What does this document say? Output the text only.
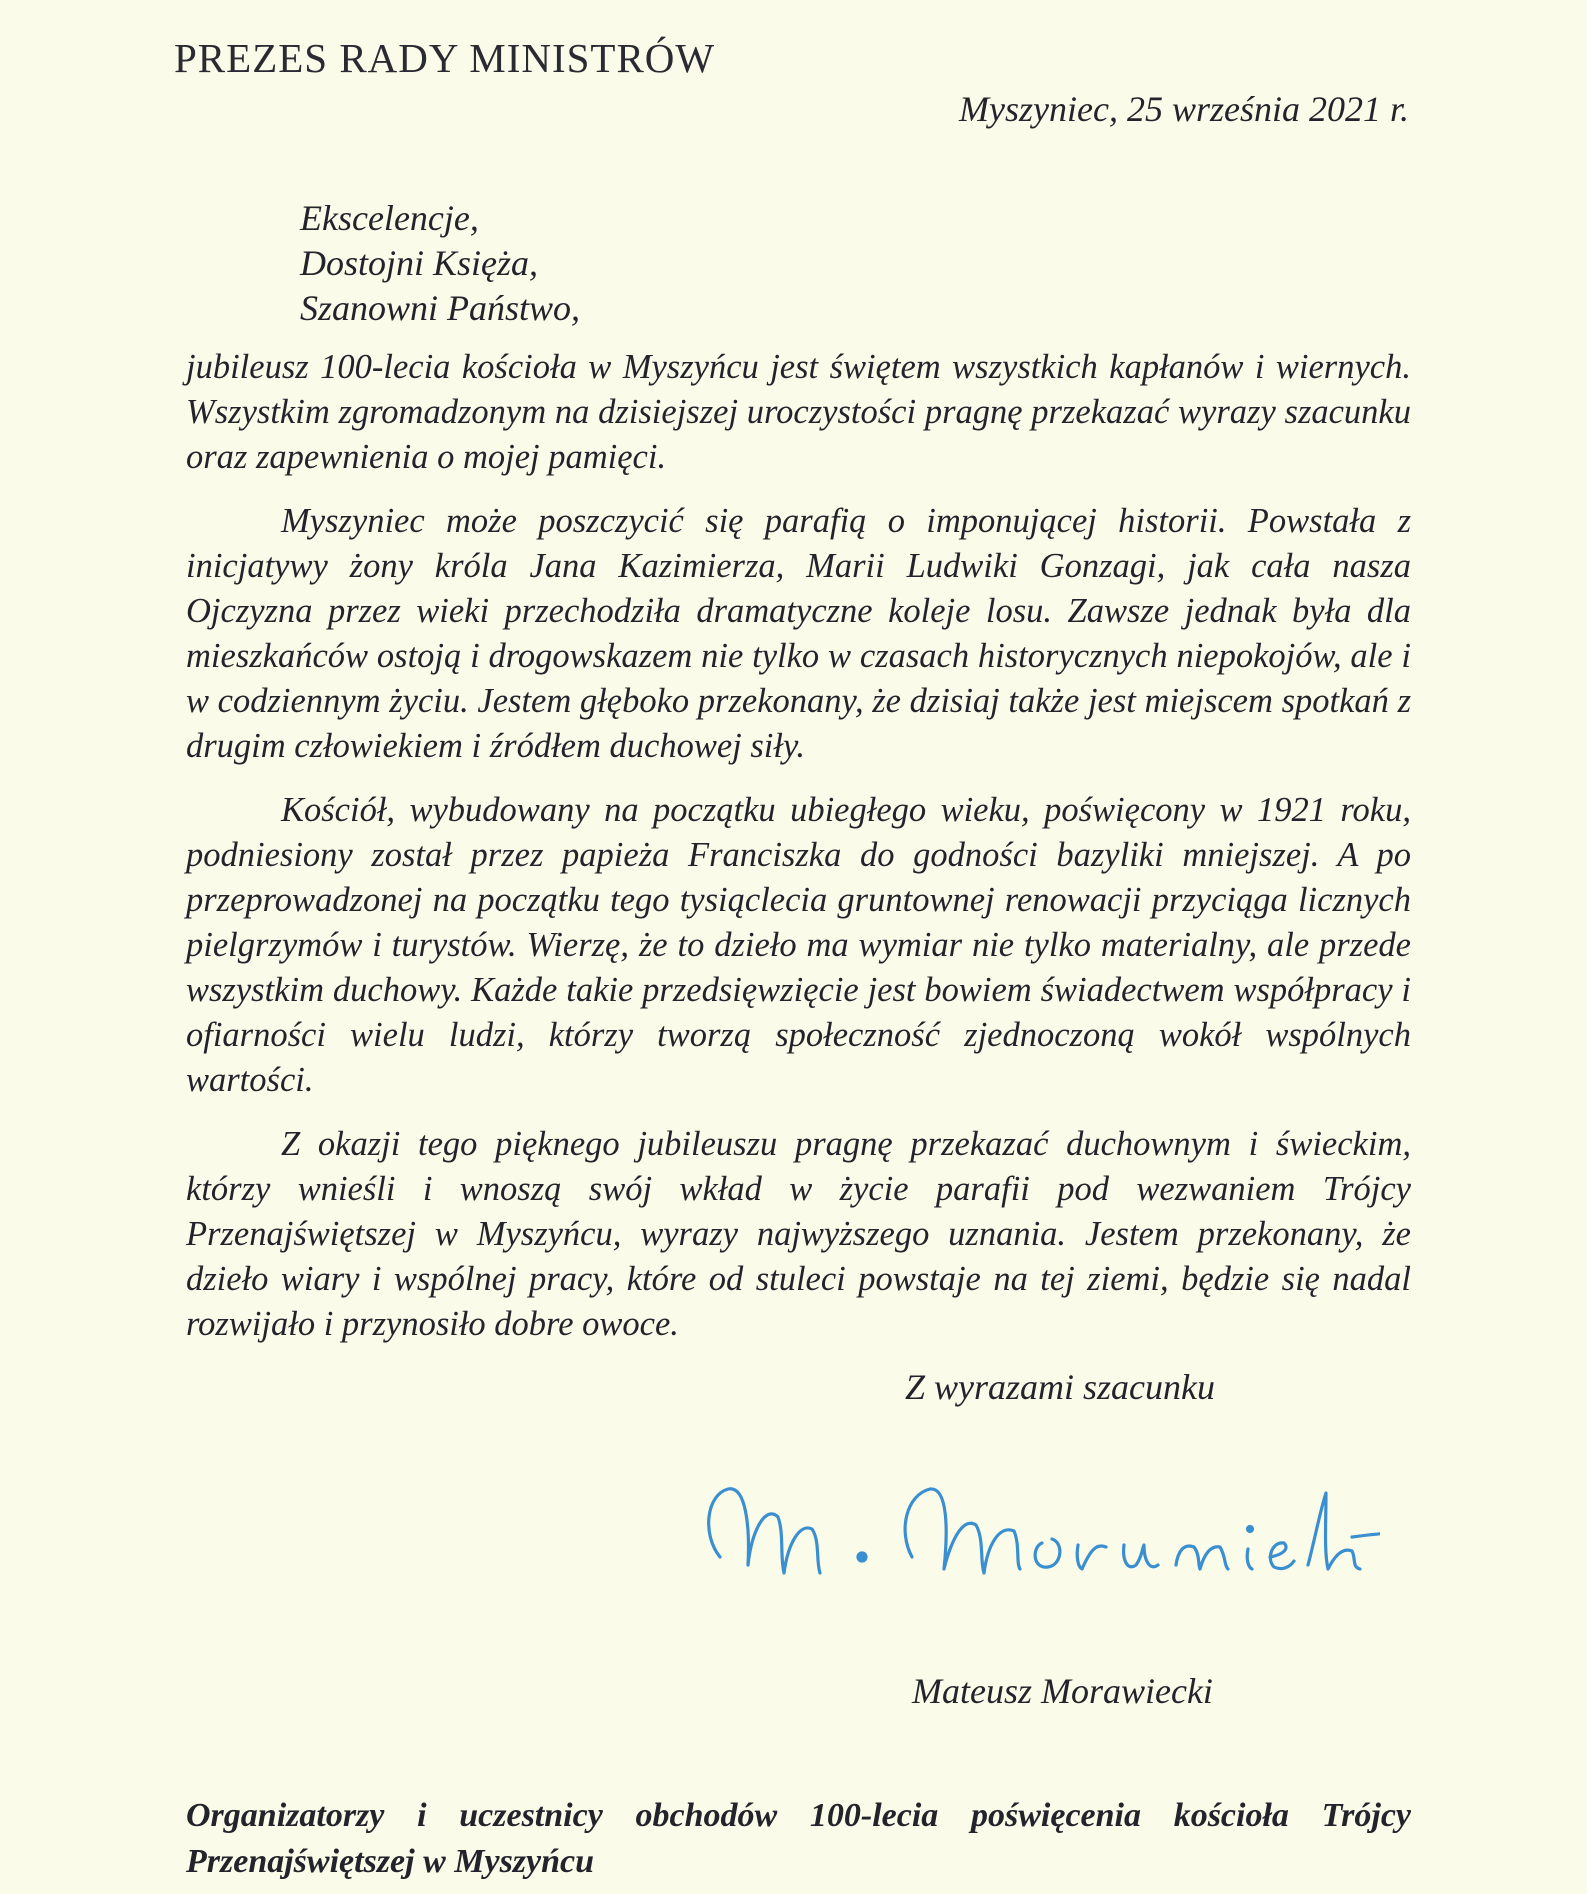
PREZES RADY MINISTRÓW
Myszyniec, 25 września 2021 r.
Ekscelencje,
Dostojni Księża,
Szanowni Państwo,

jubileusz 100-lecia kościoła w Myszyńcu jest świętem wszystkich kapłanów i wiernych. Wszystkim zgromadzonym na dzisiejszej uroczystości pragnę przekazać wyrazy szacunku oraz zapewnienia o mojej pamięci.

Myszyniec może poszczycić się parafią o imponującej historii. Powstała z inicjatywy żony króla Jana Kazimierza, Marii Ludwiki Gonzagi, jak cała nasza Ojczyzna przez wieki przechodziła dramatyczne koleje losu. Zawsze jednak była dla mieszkańców ostoją i drogowskazem nie tylko w czasach historycznych niepokojów, ale i w codziennym życiu. Jestem głęboko przekonany, że dzisiaj także jest miejscem spotkań z drugim człowiekiem i źródłem duchowej siły.

Kościół, wybudowany na początku ubiegłego wieku, poświęcony w 1921 roku, podniesiony został przez papieża Franciszka do godności bazyliki mniejszej. A po przeprowadzonej na początku tego tysiąclecia gruntownej renowacji przyciąga licznych pielgrzymów i turystów. Wierzę, że to dzieło ma wymiar nie tylko materialny, ale przede wszystkim duchowy. Każde takie przedsięwzięcie jest bowiem świadectwem współpracy i ofiarności wielu ludzi, którzy tworzą społeczność zjednoczoną wokół wspólnych wartości.

Z okazji tego pięknego jubileuszu pragnę przekazać duchownym i świeckim, którzy wnieśli i wnoszą swój wkład w życie parafii pod wezwaniem Trójcy Przenajświętszej w Myszyńcu, wyrazy najwyższego uznania. Jestem przekonany, że dzieło wiary i wspólnej pracy, które od stuleci powstaje na tej ziemi, będzie się nadal rozwijało i przynosiło dobre owoce.

Z wyrazami szacunku
Mateusz Morawiecki
Organizatorzy i uczestnicy obchodów 100-lecia poświęcenia kościoła Trójcy Przenajświętszej w Myszyńcu
